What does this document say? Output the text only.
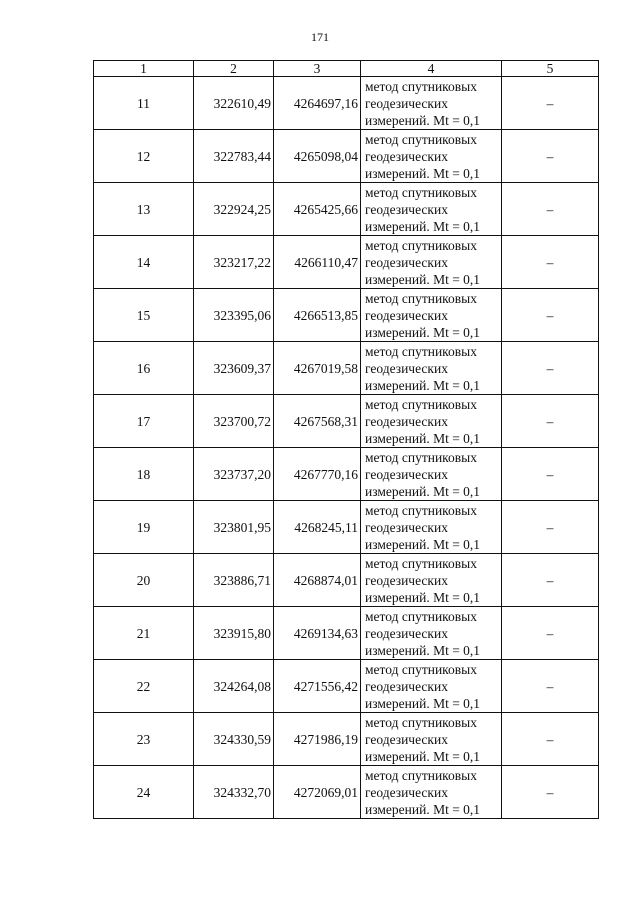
171
1	2	3	4	5
11	322610,49	4264697,16	метод спутниковых
геодезических
измерений. Mt = 0,1	–
12	322783,44	4265098,04	метод спутниковых
геодезических
измерений. Mt = 0,1	–
13	322924,25	4265425,66	метод спутниковых
геодезических
измерений. Mt = 0,1	–
14	323217,22	4266110,47	метод спутниковых
геодезических
измерений. Mt = 0,1	–
15	323395,06	4266513,85	метод спутниковых
геодезических
измерений. Mt = 0,1	–
16	323609,37	4267019,58	метод спутниковых
геодезических
измерений. Mt = 0,1	–
17	323700,72	4267568,31	метод спутниковых
геодезических
измерений. Mt = 0,1	–
18	323737,20	4267770,16	метод спутниковых
геодезических
измерений. Mt = 0,1	–
19	323801,95	4268245,11	метод спутниковых
геодезических
измерений. Mt = 0,1	–
20	323886,71	4268874,01	метод спутниковых
геодезических
измерений. Mt = 0,1	–
21	323915,80	4269134,63	метод спутниковых
геодезических
измерений. Mt = 0,1	–
22	324264,08	4271556,42	метод спутниковых
геодезических
измерений. Mt = 0,1	–
23	324330,59	4271986,19	метод спутниковых
геодезических
измерений. Mt = 0,1	–
24	324332,70	4272069,01	метод спутниковых
геодезических
измерений. Mt = 0,1	–
